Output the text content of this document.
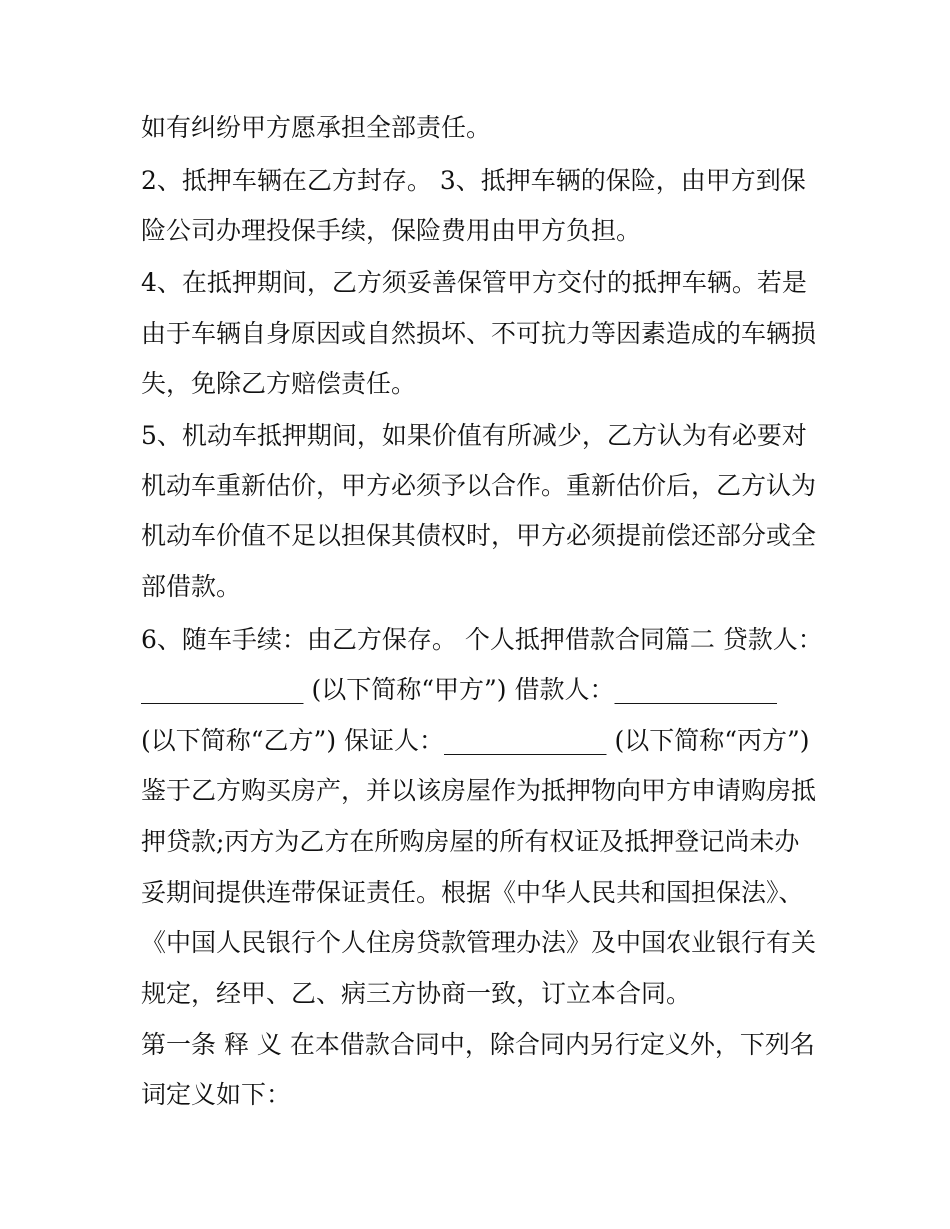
如有纠纷甲方愿承担全部责任。
2、抵押车辆在乙方封存。 3、抵押车辆的保险，由甲方到保
险公司办理投保手续，保险费用由甲方负担。
4、在抵押期间，乙方须妥善保管甲方交付的抵押车辆。若是
由于车辆自身原因或自然损坏、不可抗力等因素造成的车辆损
失，免除乙方赔偿责任。
5、机动车抵押期间，如果价值有所减少，乙方认为有必要对
机动车重新估价，甲方必须予以合作。重新估价后，乙方认为
机动车价值不足以担保其债权时，甲方必须提前偿还部分或全
部借款。
6、随车手续：由乙方保存。 个人抵押借款合同篇二 贷款人：
_____________ (以下简称“甲方”) 借款人：_____________
(以下简称“乙方”) 保证人：_____________ (以下简称“丙方”)
鉴于乙方购买房产，并以该房屋作为抵押物向甲方申请购房抵
押贷款;丙方为乙方在所购房屋的所有权证及抵押登记尚未办
妥期间提供连带保证责任。根据《中华人民共和国担保法》、
《中国人民银行个人住房贷款管理办法》及中国农业银行有关
规定，经甲、乙、病三方协商一致，订立本合同。
第一条 释 义 在本借款合同中，除合同内另行定义外，下列名
词定义如下：
